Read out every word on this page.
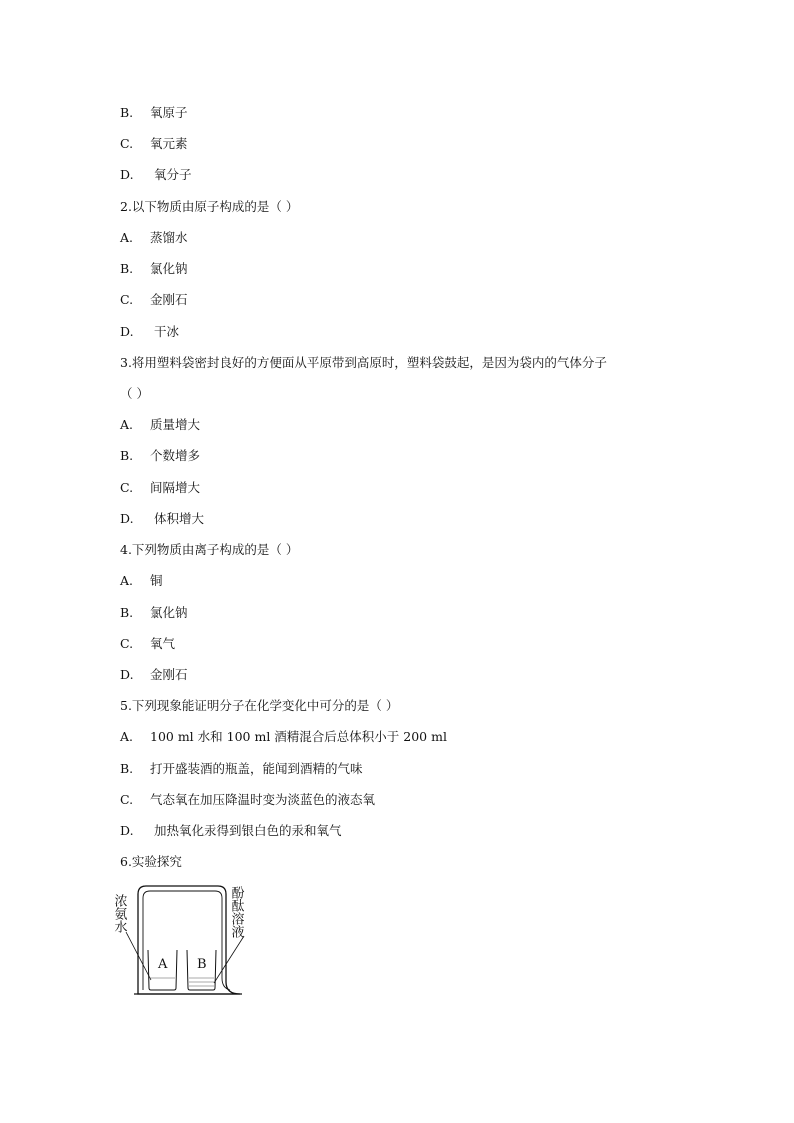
B. 氧原子
C. 氧元素
D. 氧分子
2.以下物质由原子构成的是（ ）
A. 蒸馏水
B. 氯化钠
C. 金刚石
D. 干冰
3.将用塑料袋密封良好的方便面从平原带到高原时，塑料袋鼓起，是因为袋内的气体分子
（ ）
A. 质量增大
B. 个数增多
C. 间隔增大
D. 体积增大
4.下列物质由离子构成的是（ ）
A. 铜
B. 氯化钠
C. 氧气
D. 金刚石
5.下列现象能证明分子在化学变化中可分的是（ ）
A. 100 ml 水和 100 ml 酒精混合后总体积小于 200 ml
B. 打开盛装酒的瓶盖，能闻到酒精的气味
C. 气态氧在加压降温时变为淡蓝色的液态氧
D. 加热氧化汞得到银白色的汞和氧气
6.实验探究
A B
浓氨水	酚酞溶液
